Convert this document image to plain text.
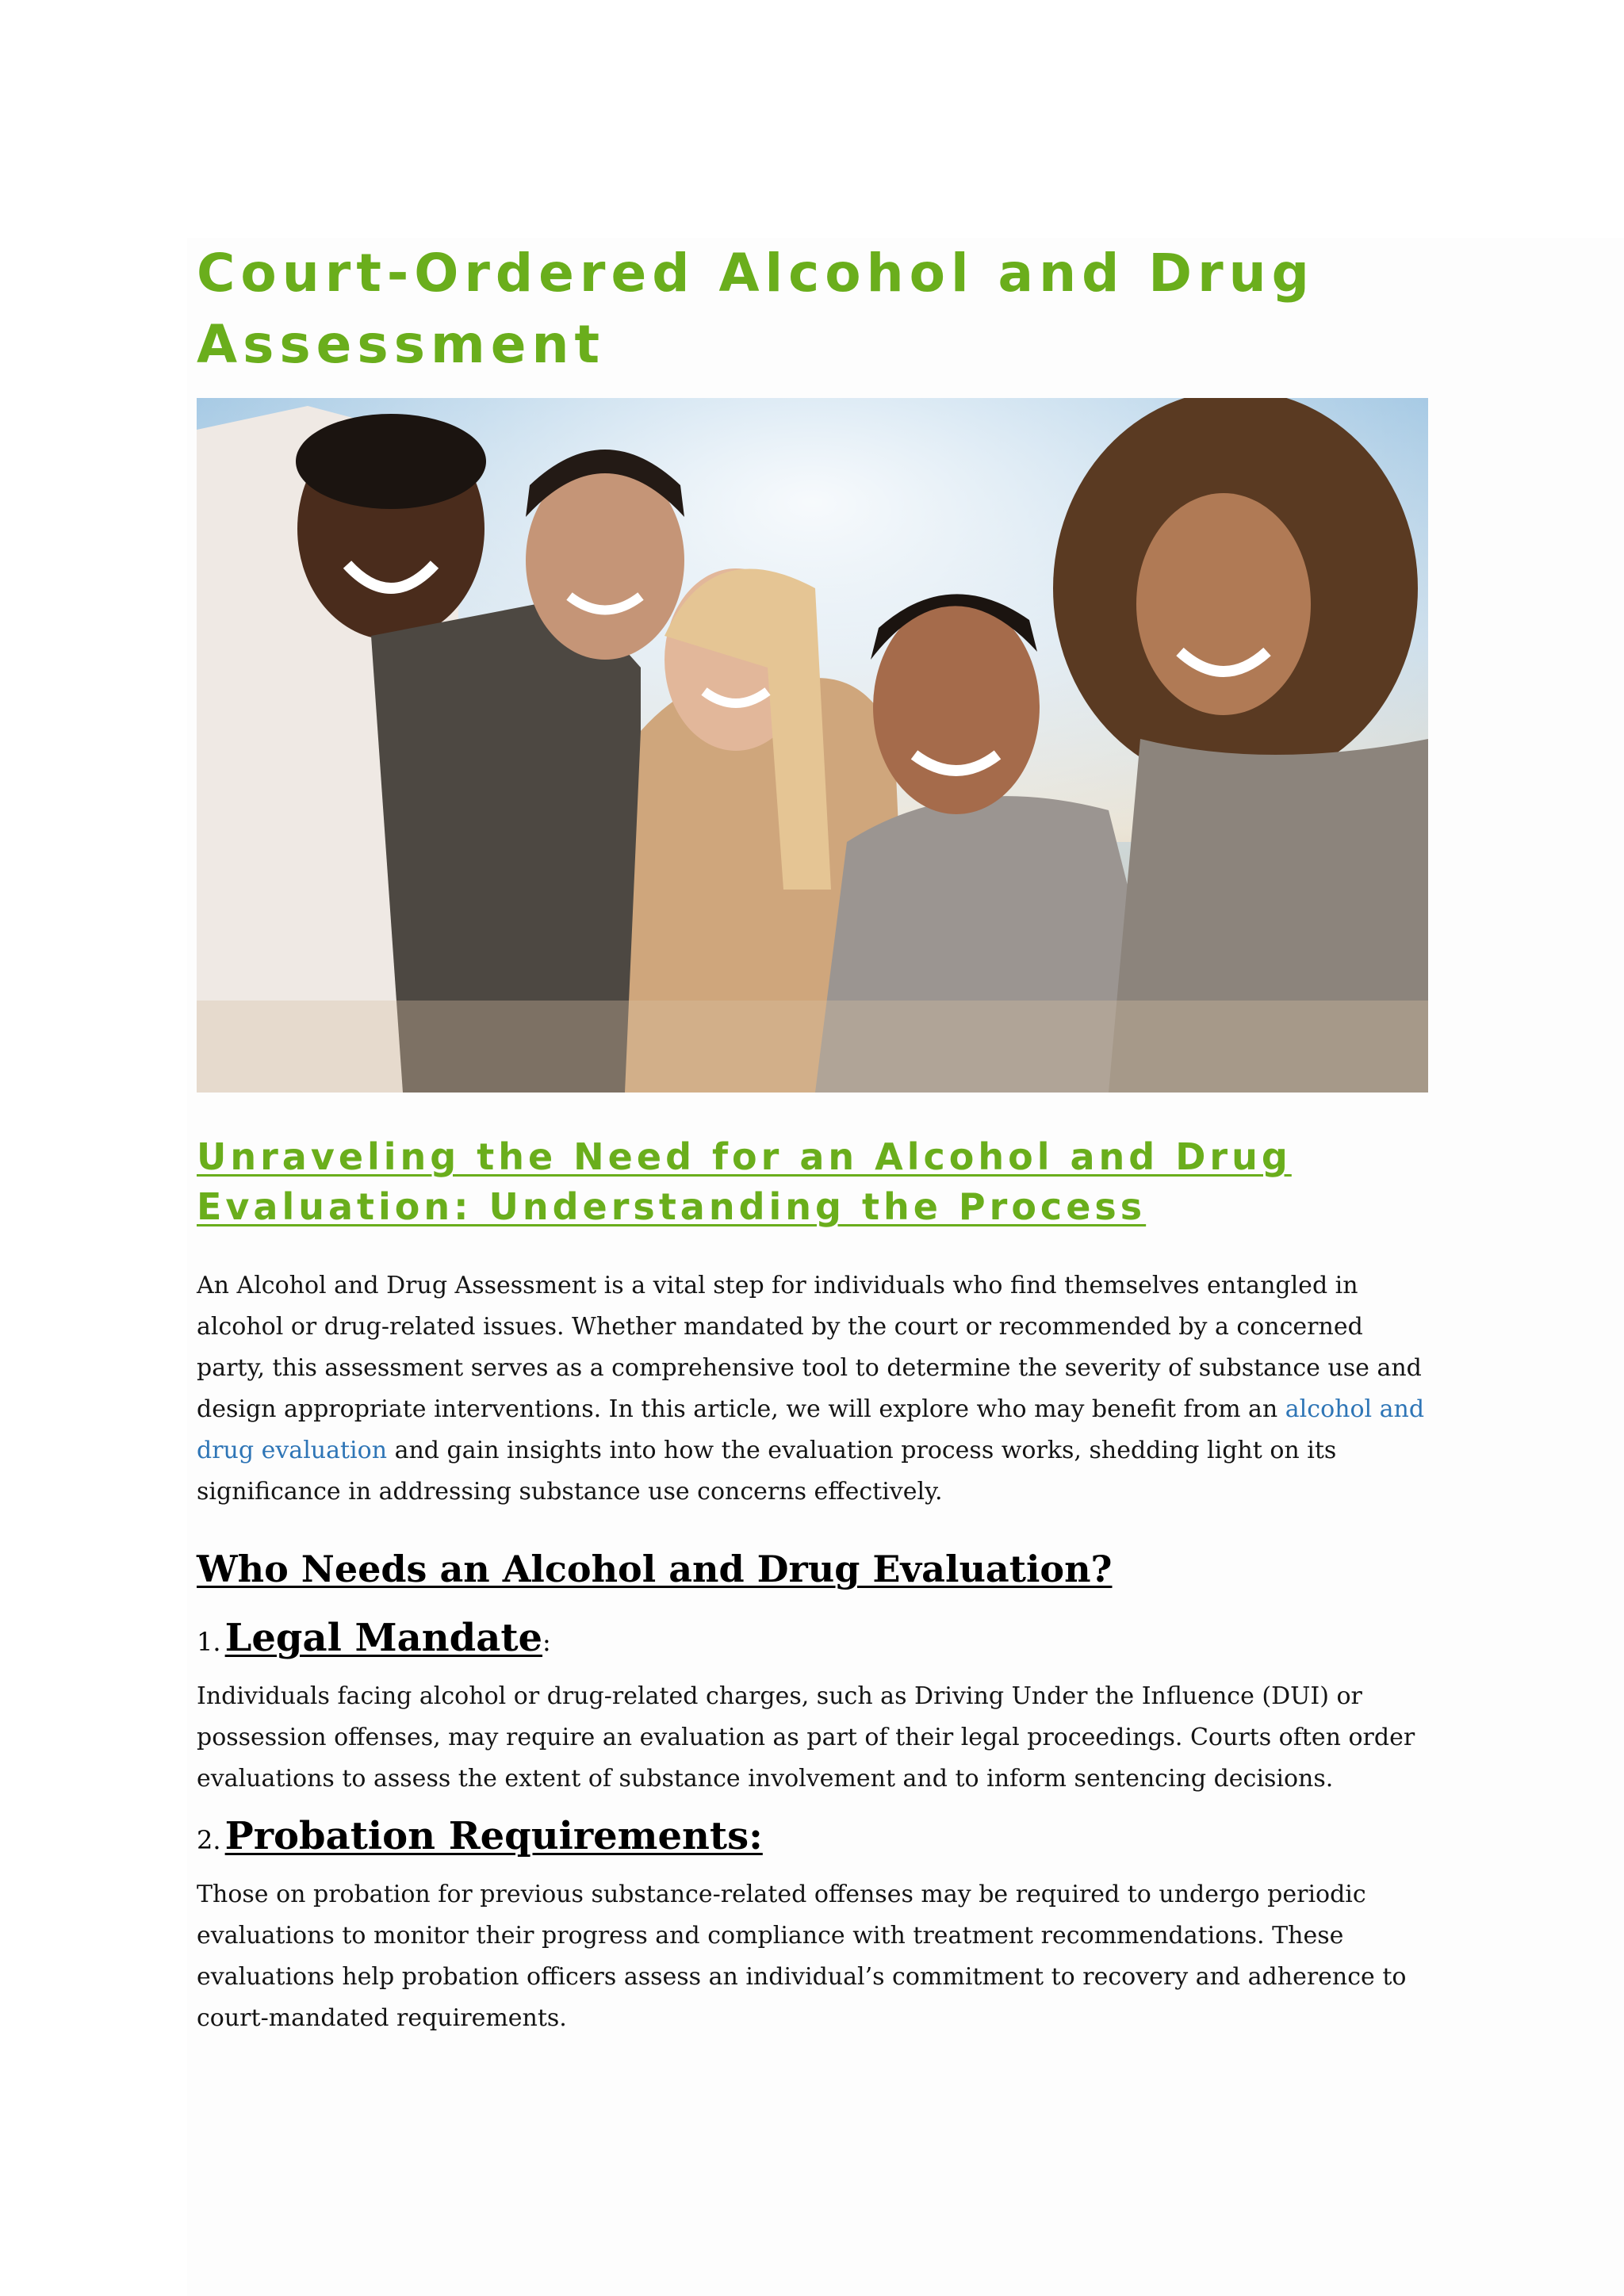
Court-Ordered Alcohol and Drug Assessment
Unraveling the Need for an Alcohol and Drug Evaluation: Understanding the Process

An Alcohol and Drug Assessment is a vital step for individuals who find themselves entangled in alcohol or drug-related issues. Whether mandated by the court or recommended by a concerned party, this assessment serves as a comprehensive tool to determine the severity of substance use and design appropriate interventions. In this article, we will explore who may benefit from an alcohol and drug evaluation and gain insights into how the evaluation process works, shedding light on its significance in addressing substance use concerns effectively.

Who Needs an Alcohol and Drug Evaluation?

1. Legal Mandate:

Individuals facing alcohol or drug-related charges, such as Driving Under the Influence (DUI) or possession offenses, may require an evaluation as part of their legal proceedings. Courts often order evaluations to assess the extent of substance involvement and to inform sentencing decisions.

2. Probation Requirements:

Those on probation for previous substance-related offenses may be required to undergo periodic evaluations to monitor their progress and compliance with treatment recommendations. These evaluations help probation officers assess an individual’s commitment to recovery and adherence to court-mandated requirements.
